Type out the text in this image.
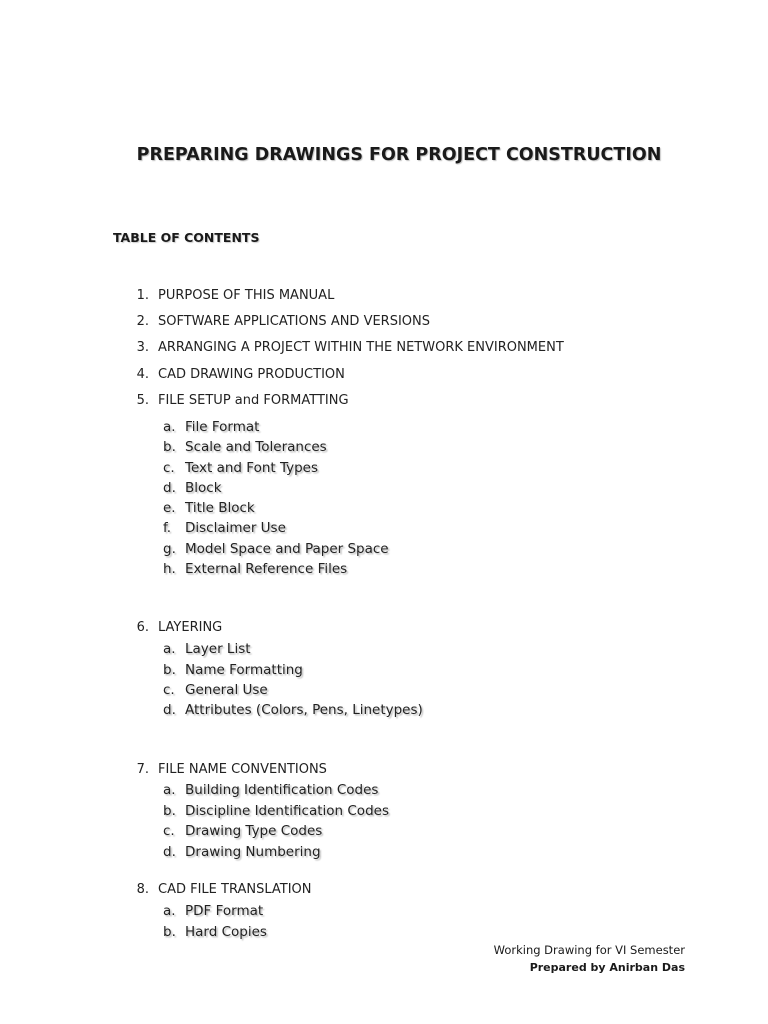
PREPARING DRAWINGS FOR PROJECT CONSTRUCTION
TABLE OF CONTENTS
1. PURPOSE OF THIS MANUAL
2. SOFTWARE APPLICATIONS AND VERSIONS
3. ARRANGING A PROJECT WITHIN THE NETWORK ENVIRONMENT
4. CAD DRAWING PRODUCTION
5. FILE SETUP and FORMATTING
a. File Format
b. Scale and Tolerances
c. Text and Font Types
d. Block
e. Title Block
f.	Disclaimer Use
g. Model Space and Paper Space
h. External Reference Files
6. LAYERING
a. Layer List
b. Name Formatting
c. General Use
d. Attributes (Colors, Pens, Linetypes)
7. FILE NAME CONVENTIONS
a. Building Identification Codes
b. Discipline Identification Codes
c. Drawing Type Codes
d. Drawing Numbering
8. CAD FILE TRANSLATION
a. PDF Format
b. Hard Copies
Working Drawing for VI Semester
Prepared by Anirban Das
